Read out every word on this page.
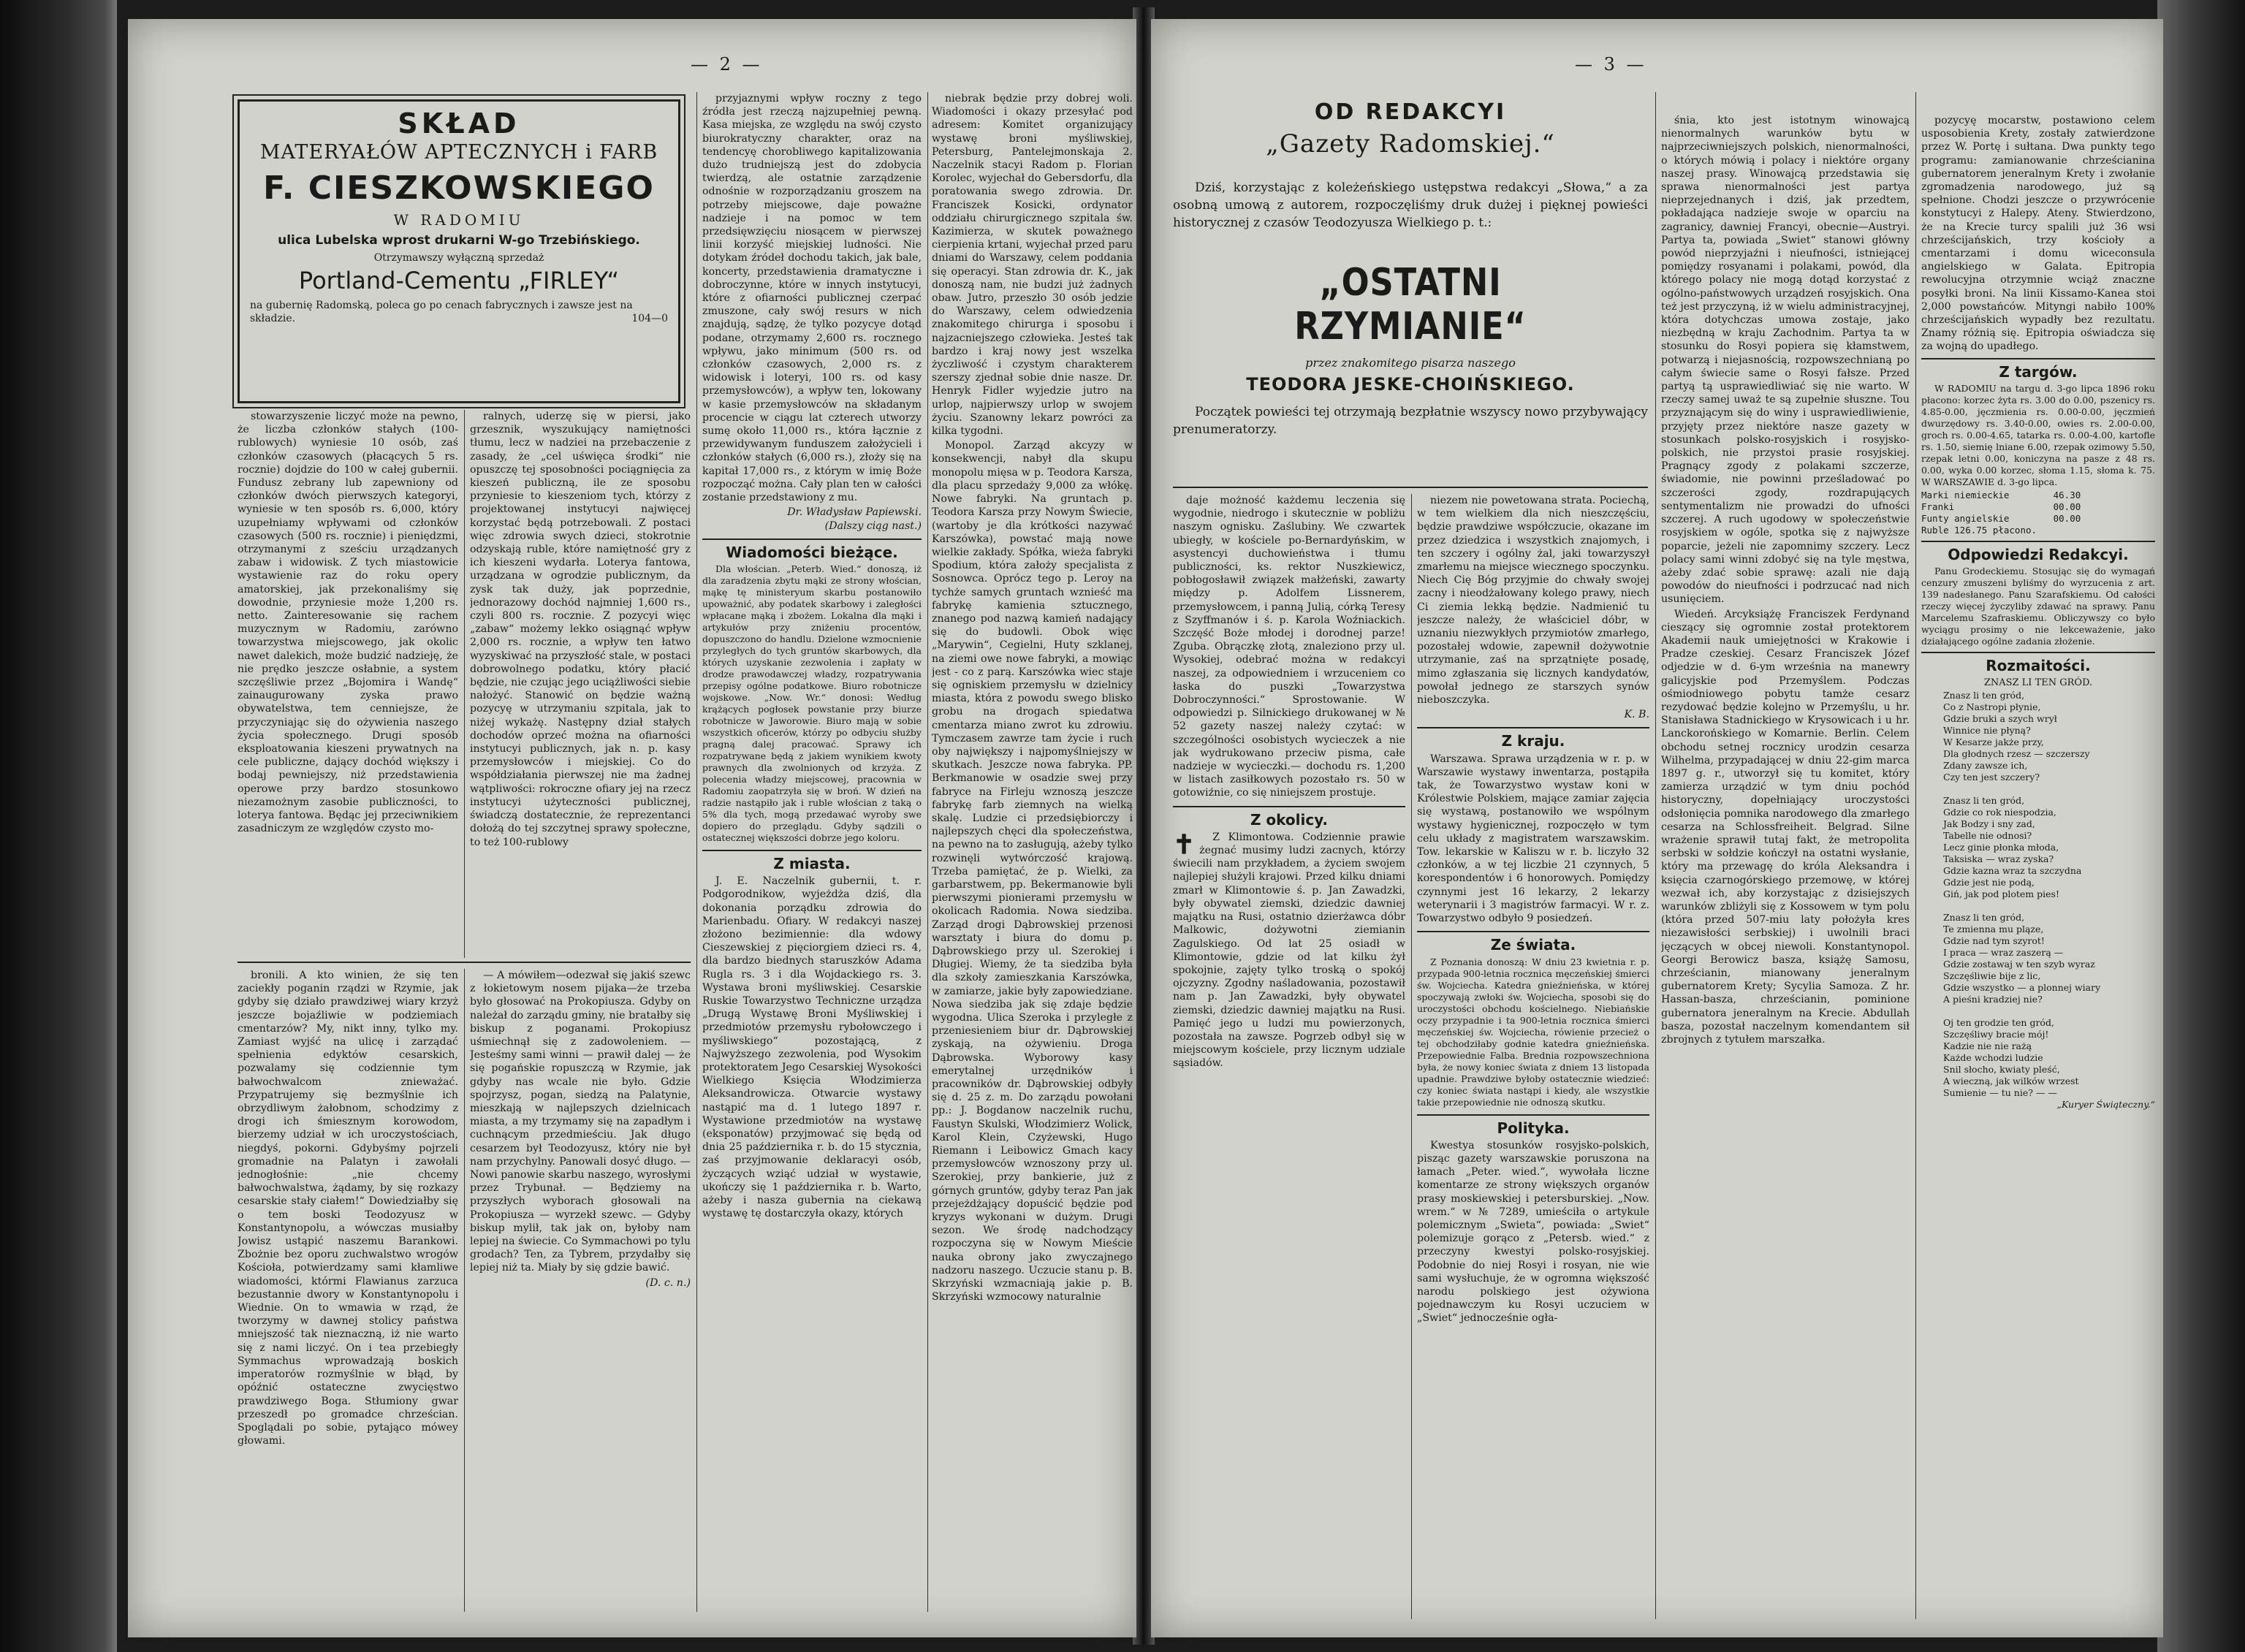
— 2 —
SKŁAD
MATERYAŁÓW APTECZNYCH i FARB
F. CIESZKOWSKIEGO
W RADOMIU
ulica Lubelska wprost drukarni W-go Trzebińskiego.
Otrzymawszy wyłączną sprzedaż
Portland-Cementu „FIRLEY“
na gubernię Radomską, poleca go po cenach fabrycznych i zawsze jest na składzie.	104—0

stowarzyszenie liczyć może na pewno, że liczba członków stałych (100-rublowych) wyniesie 10 osób, zaś członków czasowych (płacących 5 rs. rocznie) dojdzie do 100 w całej gubernii. Fundusz zebrany lub zapewniony od członków dwóch pierwszych kategoryi, wyniesie w ten sposób rs. 6,000, który uzupełniamy wpływami od członków czasowych (500 rs. rocznie) i pieniędzmi, otrzymanymi z sześciu urządzanych zabaw i widowisk. Z tych miastowicie wystawienie raz do roku opery amatorskiej, jak przekonaliśmy się dowodnie, przyniesie może 1,200 rs. netto. Zainteresowanie się rachem muzycznym w Radomiu, zarówno towarzystwa miejscowego, jak okolic nawet dalekich, może budzić nadzieję, że nie prędko jeszcze osłabnie, a system szczęśliwie przez „Bojomira i Wandę“ zainaugurowany zyska prawo obywatelstwa, tem cenniejsze, że przyczyniając się do ożywienia naszego życia społecznego. Drugi sposób eksploatowania kieszeni prywatnych na cele publiczne, dający dochód większy i bodaj pewniejszy, niż przedstawienia operowe przy bardzo stosunkowo niezamożnym zasobie publiczności, to loterya fantowa. Będąc jej przeciwnikiem zasadniczym ze względów czysto mo-

ralnych, uderzę się w piersi, jako grzesznik, wyszukujący namiętności tłumu, lecz w nadziei na przebaczenie z zasady, że „cel uświęca środki“ nie opuszczę tej sposobności pociągnięcia za kieszeń publiczną, ile ze sposobu przyniesie to kieszeniom tych, którzy z projektowanej instytucyi najwięcej korzystać będą potrzebowali. Z postaci więc zdrowia swych dzieci, stokrotnie odzyskają ruble, które namiętność gry z ich kieszeni wydarła. Loterya fantowa, urządzana w ogrodzie publicznym, da zysk tak duży, jak poprzednie, jednorazowy dochód najmniej 1,600 rs., czyli 800 rs. rocznie. Z pozycyi więc „zabaw“ możemy lekko osiągnąć wpływ 2,000 rs. rocznie, a wpływ ten łatwo wyzyskiwać na przyszłość stale, w postaci dobrowolnego podatku, który płacić będzie, nie czując jego uciążliwości siebie nałożyć. Stanowić on będzie ważną pozycyę w utrzymaniu szpitala, jak to niżej wykażę. Następny dział stałych dochodów oprzeć można na ofiarności instytucyi publicznych, jak n. p. kasy przemysłowców i miejskiej. Co do współdziałania pierwszej nie ma żadnej wątpliwości: rokroczne ofiary jej na rzecz instytucyi użyteczności publicznej, świadczą dostatecznie, że reprezentanci dołożą do tej szczytnej sprawy społeczne, to też 100-rublowy

przyjaznymi wpływ roczny z tego źródła jest rzeczą najzupełniej pewną. Kasa miejska, ze względu na swój czysto biurokratyczny charakter, oraz na tendencyę chorobliwego kapitalizowania dużo trudniejszą jest do zdobycia twierdzą, ale ostatnie zarządzenie odnośnie w rozporządzaniu groszem na potrzeby miejscowe, daje poważne nadzieje i na pomoc w tem przedsięwzięciu niosącem w pierwszej linii korzyść miejskiej ludności. Nie dotykam źródeł dochodu takich, jak bale, koncerty, przedstawienia dramatyczne i dobroczynne, które w innych instytucyi, które z ofiarności publicznej czerpać zmuszone, cały swój resurs w nich znajdują, sądzę, że tylko pozycye dotąd podane, otrzymamy 2,600 rs. rocznego wpływu, jako minimum (500 rs. od członków czasowych, 2,000 rs. z widowisk i loteryi, 100 rs. od kasy przemysłowców), a wpływ ten, lokowany w kasie przemysłowców na składanym procencie w ciągu lat czterech utworzy sumę około 11,000 rs., która łącznie z przewidywanym funduszem założycieli i członków stałych (6,000 rs.), złoży się na kapitał 17,000 rs., z którym w imię Boże rozpocząć można. Cały plan ten w całości zostanie przedstawiony z mu.

Dr. Władysław Papiewski.
(Dalszy ciąg nast.)
Wiadomości bieżące.

Dla włościan. „Peterb. Wied.“ donoszą, iż dla zaradzenia zbytu mąki ze strony włościan, mąkę tę ministeryum skarbu postanowiło upoważnić, aby podatek skarbowy i zaległości wpłacane mąką i zbożem. Lokalna dla mąki i artykułów przy zniżeniu procentów, dopuszczono do handlu. Dzielone wzmocnienie przyległych do tych gruntów skarbowych, dla których uzyskanie zezwolenia i zapłaty w drodze prawodawczej władzy, rozpatrywania przepisy ogólne podatkowe. Biuro robotnicze wojskowe. „Now. Wr.“ donosi: Według krążących pogłosek powstanie przy biurze robotnicze w Jaworowie. Biuro mają w sobie wszystkich oficerów, którzy po odbyciu służby pragną dalej pracować. Sprawy ich rozpatrywane będą z jakiem wynikiem kwoty prawnych dla zwolnionych od krzyża. Z polecenia władzy miejscowej, pracownia w Radomiu zaopatrzyła się w broń. W dzień na radzie nastąpiło jak i ruble włościan z taką o 5% dla tych, mogą przedawać wyroby swe dopiero do przeglądu. Gdyby sądzili o ostatecznej większości dobrze jego koloru.

Z miasta.

J. E. Naczelnik gubernii, t. r. Podgorodnikow, wyjeżdża dziś, dla dokonania porządku zdrowia do Marienbadu. Ofiary. W redakcyi naszej złożono bezimiennie: dla wdowy Cieszewskiej z pięciorgiem dzieci rs. 4, dla bardzo biednych staruszków Adama Rugla rs. 3 i dla Wojdackiego rs. 3. Wystawa broni myśliwskiej. Cesarskie Ruskie Towarzystwo Techniczne urządza „Drugą Wystawę Broni Myśliwskiej i przedmiotów przemysłu rybołowczego i myśliwskiego“ pozostającą, z Najwyższego zezwolenia, pod Wysokim protektoratem Jego Cesarskiej Wysokości Wielkiego Księcia Włodzimierza Aleksandrowicza. Otwarcie wystawy nastąpić ma d. 1 lutego 1897 r. Wystawione przedmiotów na wystawę (eksponatów) przyjmować się będą od dnia 25 października r. b. do 15 stycznia, zaś przyjmowanie deklaracyi osób, życzących wziąć udział w wystawie, ukończy się 1 października r. b. Warto, ażeby i nasza gubernia na ciekawą wystawę tę dostarczyła okazy, których

niebrak będzie przy dobrej woli. Wiadomości i okazy przesyłać pod adresem: Komitet organizujący wystawę broni myśliwskiej, Petersburg, Pantelejmonskaja 2. Naczelnik stacyi Radom p. Florian Korolec, wyjechał do Gebersdorfu, dla poratowania swego zdrowia. Dr. Franciszek Kosicki, ordynator oddziału chirurgicznego szpitala św. Kazimierza, w skutek poważnego cierpienia krtani, wyjechał przed paru dniami do Warszawy, celem poddania się operacyi. Stan zdrowia dr. K., jak donoszą nam, nie budzi już żadnych obaw. Jutro, przeszło 30 osób jedzie do Warszawy, celem odwiedzenia znakomitego chirurga i sposobu i najzacniejszego człowieka. Jesteś tak bardzo i kraj nowy jest wszelka życzliwość i czystym charakterem szerszy zjednał sobie dnie nasze. Dr. Henryk Fidler wyjedzie jutro na urlop, najpierwszy urlop w swojem życiu. Szanowny lekarz powróci za kilka tygodni.

Monopol. Zarząd akcyzy w konsekwencji, nabył dla skupu monopolu mięsa w p. Teodora Karsza, dla placu sprzedaży 9,000 za włókę. Nowe fabryki. Na gruntach p. Teodora Karsza przy Nowym Świecie, (wartoby je dla krótkości nazywać Karszówka), powstać mają nowe wielkie zakłady. Spółka, wieża fabryki Spodium, która założy specjalista z Sosnowca. Oprócz tego p. Leroy na tychże samych gruntach wznieść ma fabrykę kamienia sztucznego, znanego pod nazwą kamień nadający się do budowli. Obok więc „Marywin“, Cegielni, Huty szklanej, na ziemi owe nowe fabryki, a mowiąc jest - co z parą. Karszówka wiec staje się ogniskiem przemysłu w dzielnicy miasta, która z powodu swego blisko grobu na drogach spiedatwa cmentarza miano zwrot ku zdrowiu. Tymczasem zawrze tam życie i ruch oby największy i najpomyślniejszy w skutkach. Jeszcze nowa fabryka. PP. Berkmanowie w osadzie swej przy fabryce na Firleju wznoszą jeszcze fabrykę farb ziemnych na wielką skalę. Ludzie ci przedsiębiorczy i najlepszych chęci dla społeczeństwa, na pewno na to zasługują, ażeby tylko rozwinęli wytwórczość krajową. Trzeba pamiętać, że p. Wielki, za garbarstwem, pp. Bekermanowie byli pierwszymi pionierami przemysłu w okolicach Radomia. Nowa siedziba. Zarząd drogi Dąbrowskiej przenosi warsztaty i biura do domu p. Dąbrowskiego przy ul. Szerokiej i Długiej. Wiemy, że ta siedziba była dla szkoły zamieszkania Karszówka, w zamiarze, jakie były zapowiedziane. Nowa siedziba jak się zdaje będzie wygodna. Ulica Szeroka i przyległe z przeniesieniem biur dr. Dąbrowskiej zyskają, na ożywieniu. Droga Dąbrowska. Wyborowy kasy emerytalnej urzędników i pracowników dr. Dąbrowskiej odbyły się d. 25 z. m. Do zarządu powołani pp.: J. Bogdanow naczelnik ruchu, Faustyn Skulski, Włodzimierz Wolick, Karol Klein, Czyżewski, Hugo Riemann i Leibowicz Gmach kacy przemysłowców wznoszony przy ul. Szerokiej, przy bankierie, już z górnych gruntów, gdyby teraz Pan jak przejeżdżający dopuścić będzie pod kryzys wykonani w dużym. Drugi sezon. We środę nadchodzący rozpoczyna się w Nowym Mieście nauka obrony jako zwyczajnego nadzoru naszego. Uczucie stanu p. B. Skrzyński wzmacniają jakie p. B. Skrzyński wzmocowy naturalnie

bronili. A kto winien, że się ten zaciekły poganin rządzi w Rzymie, jak gdyby się działo prawdziwej wiary krzyż jeszcze bojaźliwie w podziemiach cmentarzów? My, nikt inny, tylko my. Zamiast wyjść na ulicę i zarządać spełnienia edyktów cesarskich, pozwalamy się codziennie tym bałwochwalcom znieważać. Przypatrujemy się bezmyślnie ich obrzydliwym żałobnom, schodzimy z drogi ich śmiesznym korowodom, bierzemy udział w ich uroczystościach, niegdyś, pokorni. Gdybyśmy pojrzeli gromadnie na Palatyn i zawołali jednogłośnie: „nie chcemy bałwochwalstwa, żądamy, by się rozkazy cesarskie stały ciałem!“ Dowiedziałby się o tem boski Teodozyusz w Konstantynopolu, a wówczas musiałby Jowisz ustąpić naszemu Barankowi. Zbożnie bez oporu zuchwalstwo wrogów Kościoła, potwierdzamy sami kłamliwe wiadomości, którmi Flawianus zarzuca bezustannie dwory w Konstantynopolu i Wiednie. On to wmawia w rząd, że tworzymy w dawnej stolicy państwa mniejszość tak nieznaczną, iż nie warto się z nami liczyć. On i tea przebiegły Symmachus wprowadzają boskich imperatorów rozmyślnie w błąd, by opóźnić ostateczne zwycięstwo prawdziwego Boga. Stłumiony gwar przeszedł po gromadce chrześcian. Spoglądali po sobie, pytająco mówey głowami.

— A mówiłem—odezwał się jakiś szewc z łokietowym nosem pijaka—że trzeba było głosować na Prokopiusza. Gdyby on należał do zarządu gminy, nie bratałby się biskup z poganami. Prokopiusz uśmiechnął się z zadowoleniem. — Jesteśmy sami winni — prawił dalej — że się pogańskie ropuszczą w Rzymie, jak gdyby nas wcale nie było. Gdzie spojrzysz, pogan, siedzą na Palatynie, mieszkają w najlepszych dzielnicach miasta, a my trzymamy się na zapadłym i cuchnącym przedmieściu. Jak długo cesarzem był Teodozyusz, który nie był nam przychylny. Panowali dosyć długo. — Nowi panowie skarbu naszego, wyrosłymi przez Trybunał. — Będziemy na przyszłych wyborach głosowali na Prokopiusza — wyrzekł szewc. — Gdyby biskup mylił, tak jak on, byłoby nam lepiej na świecie. Co Symmachowi po tylu grodach? Ten, za Tybrem, przydałby się lepiej niż ta. Miały by się gdzie bawić.

(D. c. n.)
— 3 —
OD REDAKCYI
„Gazety Radomskiej.“
Dziś, korzystając z koleżeńskiego ustępstwa redakcyi „Słowa,“ a za osobną umową z autorem, rozpoczęliśmy druk dużej i pięknej powieści historycznej z czasów Teodozyusza Wielkiego p. t.:
„OSTATNI RZYMIANIE“
przez znakomitego pisarza naszego
TEODORA JESKE-CHOIŃSKIEGO.
Początek powieści tej otrzymają bezpłatnie wszyscy nowo przybywający prenumeratorzy.

daje możność każdemu leczenia się wygodnie, niedrogo i skutecznie w pobliżu naszym ognisku. Zaślubiny. We czwartek ubiegły, w kościele po-Bernardyńskim, w asystencyi duchowieństwa i tłumu publiczności, ks. rektor Nuszkiewicz, pobłogosławił związek małżeński, zawarty między p. Adolfem Lissnerem, przemysłowcem, i panną Julią, córką Teresy z Szyffmanów i ś. p. Karola Woźniackich. Szczęść Boże młodej i dorodnej parze! Zguba. Obrączkę złotą, znaleziono przy ul. Wysokiej, odebrać można w redakcyi naszej, za odpowiedniem i wrzuceniem co łaska do puszki „Towarzystwa Dobroczynności.“ Sprostowanie. W odpowiedzi p. Silnickiego drukowanej w № 52 gazety naszej należy czytać: w szczególności osobistych wycieczek a nie jak wydrukowano przeciw pisma, całe nadzieje w wycieczki.— dochodu rs. 1,200 w listach zasiłkowych pozostało rs. 50 w gotowiźnie, co się niniejszem prostuje.

Z okolicy.
✝	Z Klimontowa. Codziennie prawie żegnać musimy ludzi zacnych, którzy świecili nam przykładem, a życiem swojem najlepiej służyli krajowi. Przed kilku dniami zmarł w Klimontowie ś. p. Jan Zawadzki, były obywatel ziemski, dziedzic dawniej majątku na Rusi, ostatnio dzierżawca dóbr Malkowic, dożywotni ziemianin Zagulskiego. Od lat 25 osiadł w Klimontowie, gdzie od lat kilku żył spokojnie, zajęty tylko troską o spokój ojczyzny. Zgodny naśladowania, pozostawił nam p. Jan Zawadzki, były obywatel ziemski, dziedzic dawniej majątku na Rusi. Pamięć jego u ludzi mu powierzonych, pozostała na zawsze. Pogrzeb odbył się w miejscowym kościele, przy licznym udziale sąsiadów.

niezem nie powetowana strata. Pociechą, w tem wielkiem dla nich nieszczęściu, będzie prawdziwe współczucie, okazane im przez dziedzica i wszystkich znajomych, i ten szczery i ogólny żal, jaki towarzyszył zmarłemu na miejsce wiecznego spoczynku. Niech Cię Bóg przyjmie do chwały swojej zacny i nieodżałowany kolego prawy, niech Ci ziemia lekką będzie. Nadmienić tu jeszcze należy, że właściciel dóbr, w uznaniu niezwykłych przymiotów zmarłego, pozostałej wdowie, zapewnił dożywotnie utrzymanie, zaś na sprzątnięte posadę, mimo zgłaszania się licznych kandydatów, powołał jednego ze starszych synów nieboszczyka.

K. B.
Z kraju.

Warszawa. Sprawa urządzenia w r. p. w Warszawie wystawy inwentarza, postąpiła tak, że Towarzystwo wystaw koni w Królestwie Polskiem, mające zamiar zajęcia się wystawą, postanowiło we wspólnym wystawy hygienicznej, rozpoczęło w tym celu układy z magistratem warszawskim. Tow. lekarskie w Kaliszu w r. b. liczyło 32 członków, a w tej liczbie 21 czynnych, 5 korespondentów i 6 honorowych. Pomiędzy czynnymi jest 16 lekarzy, 2 lekarzy weterynarii i 3 magistrów farmacyi. W r. z. Towarzystwo odbyło 9 posiedzeń.

Ze świata.

Z Poznania donoszą: W dniu 23 kwietnia r. p. przypada 900-letnia rocznica męczeńskiej śmierci św. Wojciecha. Katedra gnieźnieńska, w której spoczywają zwłoki św. Wojciecha, sposobi się do uroczystości obchodu kościelnego. Niebiańskie oczy przypadnie i ta 900-letnia rocznica śmierci męczeńskiej św. Wojciecha, rówienie przecież o tej obchodziłaby godnie katedra gnieźnieńska. Przepowiednie Falba. Brednia rozpowszechniona była, że nowy koniec świata z dniem 13 listopada upadnie. Prawdziwe byłoby ostatecznie wiedzieć: czy koniec świata nastąpi i kiedy, ale wszystkie takie przepowiednie nie odnoszą skutku.

Polityka.

Kwestya stosunków rosyjsko-polskich, pisząc gazety warszawskie poruszona na łamach „Peter. wied.“, wywołała liczne komentarze ze strony większych organów prasy moskiewskiej i petersburskiej. „Now. wrem.“ w № 7289, umieściła o artykule polemicznym „Swieta“, powiada: „Swiet“ polemizuje gorąco z „Petersb. wied.“ z przeczyny kwestyi polsko-rosyjskiej. Podobnie do niej Rosyi i rosyan, nie wie sami wysłuchuje, że w ogromna większość narodu polskiego jest ożywiona pojednawczym ku Rosyi uczuciem w „Swiet“ jednocześnie ogła-

śnia, kto jest istotnym winowajcą nienormalnych warunków bytu w najprzeciwniejszych polskich, nienormalności, o których mówią i polacy i niektóre organy naszej prasy. Winowajcą przedstawia się sprawa nienormalności jest partya nieprzejednanych i dziś, jak przedtem, pokładająca nadzieje swoje w oparciu na zagranicy, dawniej Francyi, obecnie—Austryi. Partya ta, powiada „Swiet“ stanowi główny powód nieprzyjaźni i nieufności, istniejącej pomiędzy rosyanami i polakami, powód, dla którego polacy nie mogą dotąd korzystać z ogólno-państwowych urządzeń rosyjskich. Ona też jest przyczyną, iż w wielu administracyjnej, która dotychczas umowa zostaje, jako niezbędną w kraju Zachodnim. Partya ta w stosunku do Rosyi popiera się kłamstwem, potwarzą i niejasnością, rozpowszechnianą po całym świecie same o Rosyi fałsze. Przed partyą tą usprawiedliwiać się nie warto. W rzeczy samej uważ te są zupełnie słuszne. Tou przyznającym się do winy i usprawiedliwienie, przyjęty przez niektóre nasze gazety w stosunkach polsko-rosyjskich i rosyjsko-polskich, nie przystoi prasie rosyjskiej. Pragnący zgody z polakami szczerze, świadomie, nie powinni prześladować po szczerości zgody, rozdrapujących sentymentalizm nie prowadzi do ufności szczerej. A ruch ugodowy w społeczeństwie rosyjskiem w ogóle, spotka się z najwyższe poparcie, jeżeli nie zapomnimy szczery. Lecz polacy sami winni zdobyć się na tyle męstwa, ażeby zdać sobie sprawę: azali nie dają powodów do nieufności i podrzucać nad nich usunięciem.

Wiedeń. Arcyksiążę Franciszek Ferdynand cieszący się ogromnie został protektorem Akademii nauk umiejętności w Krakowie i Pradze czeskiej. Cesarz Franciszek Józef odjedzie w d. 6-ym września na manewry galicyjskie pod Przemyślem. Podczas ośmiodniowego pobytu tamże cesarz rezydować będzie kolejno w Przemyślu, u hr. Stanisława Stadnickiego w Krysowicach i u hr. Lanckorońskiego w Komarnie. Berlin. Celem obchodu setnej rocznicy urodzin cesarza Wilhelma, przypadającej w dniu 22-gim marca 1897 g. r., utworzył się tu komitet, który zamierza urządzić w tym dniu pochód historyczny, dopełniający uroczystości odsłonięcia pomnika narodowego dla zmarłego cesarza na Schlossfreiheit. Belgrad. Silne wrażenie sprawił tutaj fakt, że metropolita serbski w sołdzie kończył na ostatni wysłanie, który ma przewagę do króla Aleksandra i księcia czarnogórskiego przemowę, w której wezwał ich, aby korzystając z dzisiejszych warunków zbliżyli się z Kossowem w tym polu (która przed 507-miu laty położyła kres niezawisłości serbskiej) i uwolnili braci jęczących w obcej niewoli. Konstantynopol. Georgi Berowicz basza, książę Samosu, chrześcianin, mianowany jeneralnym gubernatorem Krety; Sycylia Samoza. Z hr. Hassan-basza, chrześcianin, pominione gubernatora jeneralnym na Krecie. Abdullah basza, pozostał naczelnym komendantem sił zbrojnych z tytułem marszałka.

pozycyę mocarstw, postawiono celem usposobienia Krety, zostały zatwierdzone przez W. Portę i sułtana. Dwa punkty tego programu: zamianowanie chrześcianina gubernatorem jeneralnym Krety i zwołanie zgromadzenia narodowego, już są spełnione. Chodzi jeszcze o przywrócenie konstytucyi z Halepy. Ateny. Stwierdzono, że na Krecie turcy spalili już 36 wsi chrześcijańskich, trzy kościoły a cmentarzami i domu wiceconsula angielskiego w Galata. Epitropia rewolucyjna otrzymnie wciąż znaczne posyłki broni. Na linii Kissamo-Kanea stoi 2,000 powstańców. Mityngi nabiło 100% chrześcijańskich wypadły bez rezultatu. Znamy różnią się. Epitropia oświadcza się za wojną do upadłego.

Z targów.

W RADOMIU na targu d. 3-go lipca 1896 roku płacono: korzec żyta rs. 3.00 do 0.00, pszenicy rs. 4.85-0.00, jęczmienia rs. 0.00-0.00, jęczmień dwurzędowy rs. 3.40-0.00, owies rs. 2.00-0.00, groch rs. 0.00-4.65, tatarka rs. 0.00-4.00, kartofle rs. 1.50, siemię lniane 6.00, rzepak ozimowy 5.50, rzepak letni 0.00, koniczyna na pasze z 48 rs. 0.00, wyka 0.00 korzec, słoma 1.15, słoma k. 75. W WARSZAWIE d. 3-go lipca.

Marki niemieckie        46.30
Franki                  00.00
Funty angielskie        00.00
Ruble 126.75 płacono.
Odpowiedzi Redakcyi.

Panu Grodeckiemu. Stosując się do wymagań cenzury zmuszeni byliśmy do wyrzucenia z art. 139 nadesłanego. Panu Szarafskiemu. Od całości rzeczy więcej życzyliby zdawać na sprawy. Panu Marcelemu Szafraskiemu. Obliczywszy co było wyciągu prosimy o nie lekceważenie, jako działającego ogólne zadania złożenie.

Rozmaitości.
ZNASZ LI TEN GRÓD.
Znasz li ten gród,
Co z Nastropi płynie,
Gdzie bruki a szych wrył
Winnice nie płyną?
W Kesarze jakże przy,
Dla głodnych rzesz — szczerszy
Zdany zawsze ich,
Czy ten jest szczery?

Znasz li ten gród,
Gdzie co rok niespodzia,
Jak Bodzy i sny zad,
Tabelle nie odnosi?
Lecz ginie płonka młoda,
Taksiska — wraz zyska?
Gdzie kazna wraz ta szczydna
Gdzie jest nie podą,
Giń, jak pod plotem pies!

Znasz li ten gród,
Te zmienna mu pląze,
Gdzie nad tym szyrot!
I praca — wraz zaszerą —
Gdzie zostawaj w ten szyb wyraz
Szczęśliwie bije z lic,
Gdzie wszystko — a plonnej wiary
A pieśni kradziej nie?

Oj ten grodzie ten gród,
Szczęśliwy bracie mój!
Kadzie nie nie rażą
Każde wchodzi ludzie
Snil słocho, kwiaty pleść,
A wieczną, jak wilków wrzest
Sumienie — tu nie? — —
„Kuryer Świąteczny.“
